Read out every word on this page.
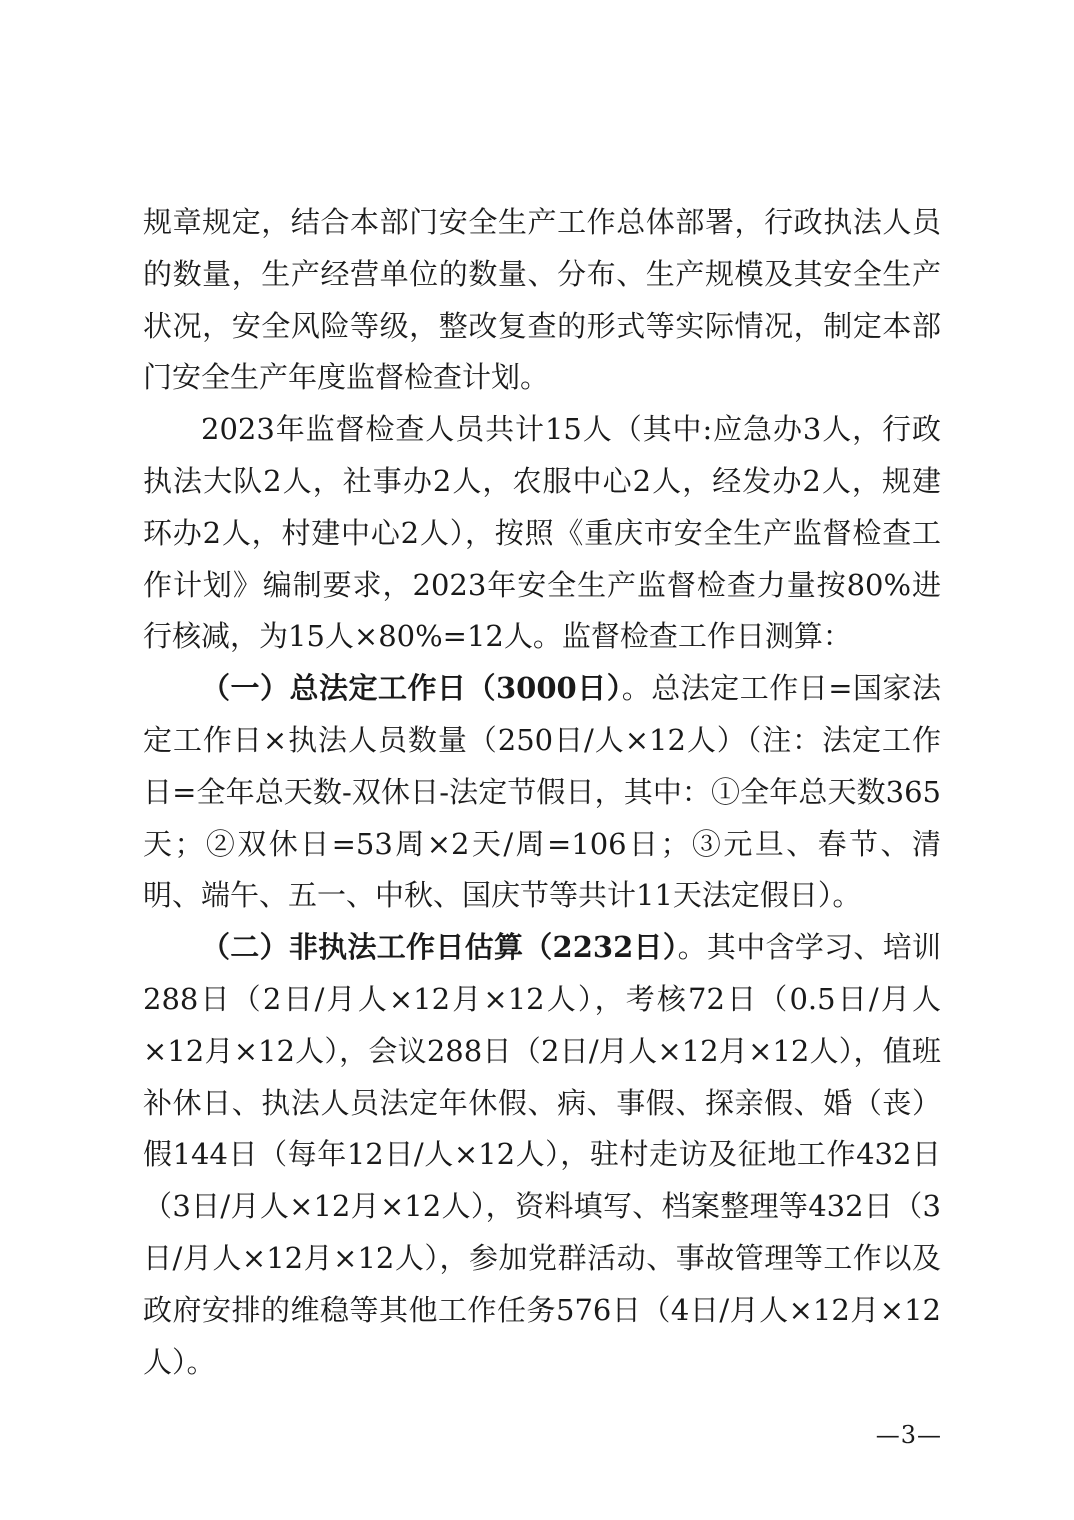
规章规定，结合本部门安全生产工作总体部署，行政执法人员的数量，生产经营单位的数量、分布、生产规模及其安全生产状况，安全风险等级，整改复查的形式等实际情况，制定本部门安全生产年度监督检查计划。

2023年监督检查人员共计15人（其中:应急办3人，行政执法大队2人，社事办2人，农服中心2人，经发办2人，规建环办2人，村建中心2人），按照《重庆市安全生产监督检查工作计划》编制要求，2023年安全生产监督检查力量按80%进行核减，为15人×80%=12人。监督检查工作日测算：

（一）总法定工作日（3000日）。总法定工作日=国家法定工作日×执法人员数量（250日/人×12人）（注：法定工作日=全年总天数-双休日-法定节假日，其中：①全年总天数365天；②双休日=53周×2天/周=106日；③元旦、春节、清明、端午、五一、中秋、国庆节等共计11天法定假日）。

（二）非执法工作日估算（2232日）。其中含学习、培训288日（2日/月人×12月×12人），考核72日（0.5日/月人×12月×12人），会议288日（2日/月人×12月×12人），值班补休日、执法人员法定年休假、病、事假、探亲假、婚（丧）假144日（每年12日/人×12人），驻村走访及征地工作432日（3日/月人×12月×12人），资料填写、档案整理等432日（3日/月人×12月×12人），参加党群活动、事故管理等工作以及政府安排的维稳等其他工作任务576日（4日/月人×12月×12人）。

—3—
